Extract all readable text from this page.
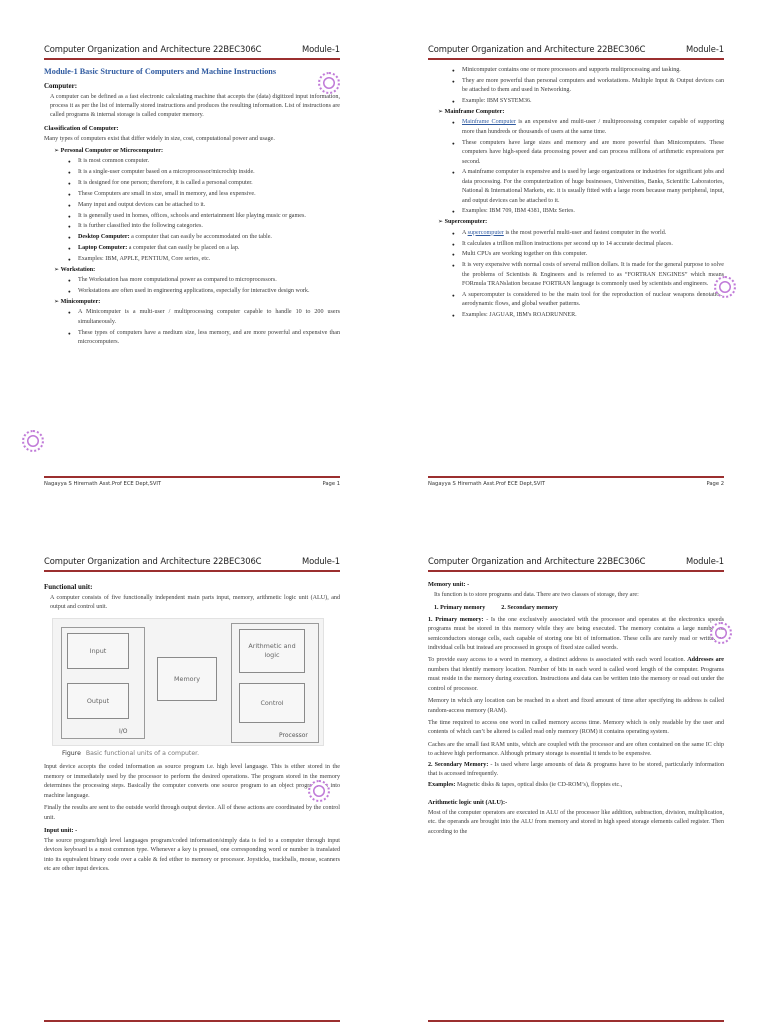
Computer Organization and Architecture 22BEC306C	Module-1
Module-1 Basic Structure of Computers and Machine Instructions
Computer:

A computer can be defined as a fast electronic calculating machine that accepts the (data) digitized input information, process it as per the list of internally stored instructions and produces the resulting information. List of instructions are called programs & internal storage is called computer memory.

Classification of Computer:

Many types of computers exist that differ widely in size, cost, computational power and usage.

➢ Personal Computer or Microcomputer:
● It is most common computer.
● It is a single-user computer based on a microprocessor/microchip inside.
● It is designed for one person; therefore, it is called a personal computer.
● These Computers are small in size, small in memory, and less expensive.
● Many input and output devices can be attached to it.
● It is generally used in homes, offices, schools and entertainment like playing music or games.
● It is further classified into the following categories.
● Desktop Computer: a computer that can easily be accommodated on the table.
● Laptop Computer: a computer that can easily be placed on a lap.
● Examples: IBM, APPLE, PENTIUM, Core series, etc.
➢ Workstation:
● The Workstation has more computational power as compared to microprocessors.
● Workstations are often used in engineering applications, especially for interactive design work.
➢ Minicomputer:
● A Minicomputer is a multi-user / multiprocessing computer capable to handle 10 to 200 users simultaneously.
● These types of computers have a medium size, less memory, and are more powerful and expensive than microcomputers.
Nagayya S Hiremath Asst.Prof ECE Dept,SVIT	Page 1
Computer Organization and Architecture 22BEC306C	Module-1
● Minicomputer contains one or more processors and supports multiprocessing and tasking.
● They are more powerful than personal computers and workstations. Multiple Input & Output devices can be attached to them and used in Networking.
● Example: IBM SYSTEM36.
➢ Mainframe Computer:
● Mainframe Computer is an expensive and multi-user / multiprocessing computer capable of supporting more than hundreds or thousands of users at the same time.
● These computers have large sizes and memory and are more powerful than Minicomputers. These computers have high-speed data processing power and can process millions of arithmetic expressions per second.
● A mainframe computer is expensive and is used by large organizations or industries for significant jobs and data processing. For the computerization of huge businesses, Universities, Banks, Scientific Laboratories, National & International Markets, etc. it is usually fitted with a large room because many peripheral, input, and output devices can be attached to it.
● Examples: IBM 709, IBM 4381, IBMz Series.
➢ Supercomputer:
● A supercomputer is the most powerful multi-user and fastest computer in the world.
● It calculates a trillion million instructions per second up to 14 accurate decimal places.
● Multi CPUs are working together on this computer.
● It is very expensive with normal costs of several million dollars. It is made for the general purpose to solve the problems of Scientists & Engineers and is referred to as “FORTRAN ENGINES” which means FORmula TRANslation because FORTRAN language is commonly used by scientists and engineers.
● A supercomputer is considered to be the main tool for the reproduction of nuclear weapons denotation, aerodynamic flows, and global weather patterns.
● Examples: JAGUAR, IBM's ROADRUNNER.
Nagayya S Hiremath Asst.Prof ECE Dept,SVIT	Page 2
Computer Organization and Architecture 22BEC306C	Module-1
Functional unit:

A computer consists of five functionally independent main parts input, memory, arithmetic logic unit (ALU), and output and control unit.

Input
Output
I/O
Memory
Arithmetic and logic
Control
Processor
Figure Basic functional units of a computer.

Input device accepts the coded information as source program i.e. high level language. This is either stored in the memory or immediately used by the processor to perform the desired operations. The program stored in the memory determines the processing steps. Basically the computer converts one source program to an object program. i.e. into machine language.

Finally the results are sent to the outside world through output device. All of these actions are coordinated by the control unit.

Input unit: -

The source program/high level languages program/coded information/simply data is fed to a computer through input devices keyboard is a most common type. Whenever a key is pressed, one corresponding word or number is translated into its equivalent binary code over a cable & fed either to memory or processor. Joysticks, trackballs, mouse, scanners etc are other input devices.

Computer Organization and Architecture 22BEC306C	Module-1
Memory unit: -

Its function is to store programs and data. There are two classes of storage, they are:

1. Primary memory	2. Secondary memory

1. Primary memory: - Is the one exclusively associated with the processor and operates at the electronics speeds programs must be stored in this memory while they are being executed. The memory contains a large number of semiconductors storage cells, each capable of storing one bit of information. These cells are rarely read or written as individual cells but instead are processed in groups of fixed size called words.

To provide easy access to a word in memory, a distinct address is associated with each word location. Addresses are numbers that identify memory location. Number of bits in each word is called word length of the computer. Programs must reside in the memory during execution. Instructions and data can be written into the memory or read out under the control of processor.

Memory in which any location can be reached in a short and fixed amount of time after specifying its address is called random-access memory (RAM).

The time required to access one word in called memory access time. Memory which is only readable by the user and contents of which can’t be altered is called read only memory (ROM) it contains operating system.

Caches are the small fast RAM units, which are coupled with the processor and are often contained on the same IC chip to achieve high performance. Although primary storage is essential it tends to be expensive.

2. Secondary Memory: - Is used where large amounts of data & programs have to be stored, particularly information that is accessed infrequently.

Examples: Magnetic disks & tapes, optical disks (ie CD-ROM’s), floppies etc.,

Arithmetic logic unit (ALU):-

Most of the computer operators are executed in ALU of the processor like addition, subtraction, division, multiplication, etc. the operands are brought into the ALU from memory and stored in high speed storage elements called register. Then according to the
